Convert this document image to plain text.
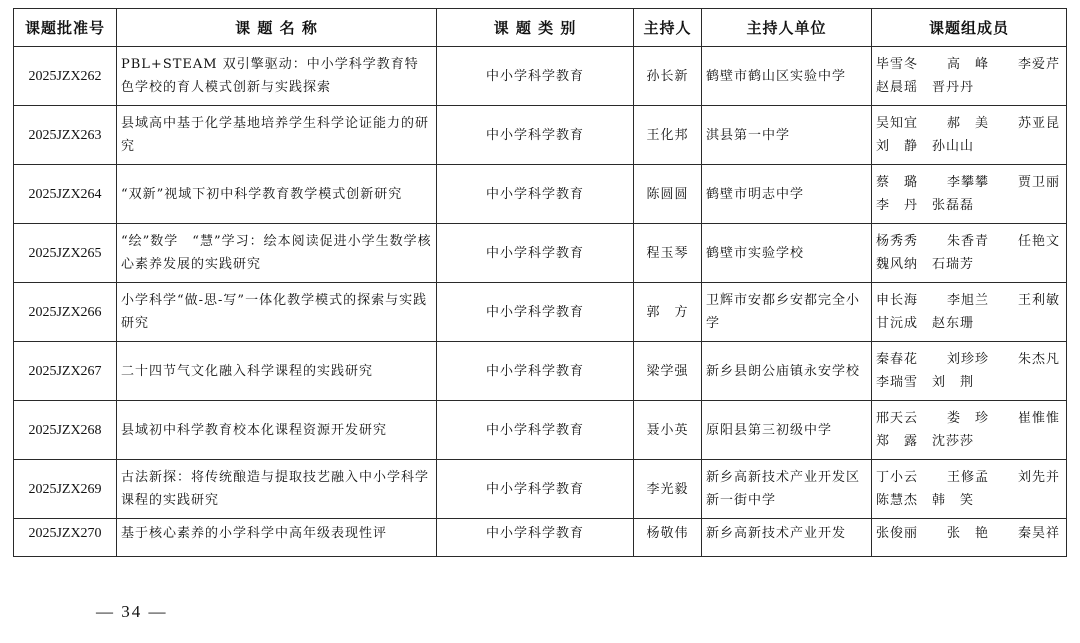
课题批准号	课 题 名 称	课 题 类 别	主持人	主持人单位	课题组成员
2025JZX262	PBL+STEAM 双引擎驱动：中小学科学教育特色学校的育人模式创新与实践探索	中小学科学教育	孙长新	鹤壁市鹤山区实验中学	毕雪冬 高　峰 李爱芹
赵晨瑶 晋丹丹

2025JZX263	县域高中基于化学基地培养学生科学论证能力的研究	中小学科学教育	王化邦	淇县第一中学	吴知宜 郝　美 苏亚昆
刘　静 孙山山

2025JZX264	“双新”视域下初中科学教育教学模式创新研究	中小学科学教育	陈圆圆	鹤壁市明志中学	蔡　璐 李攀攀 贾卫丽
李　丹 张磊磊

2025JZX265	“绘”数学　“慧”学习：绘本阅读促进小学生数学核心素养发展的实践研究	中小学科学教育	程玉琴	鹤壁市实验学校	杨秀秀 朱香青 任艳文
魏风纳 石瑞芳

2025JZX266	小学科学“做-思-写”一体化教学模式的探索与实践研究	中小学科学教育	郭　方	卫辉市安都乡安都完全小学	申长海 李旭兰 王利敏
甘沅成 赵东珊

2025JZX267	二十四节气文化融入科学课程的实践研究	中小学科学教育	梁学强	新乡县朗公庙镇永安学校	秦春花 刘珍珍 朱杰凡
李瑞雪 刘　荆

2025JZX268	县域初中科学教育校本化课程资源开发研究	中小学科学教育	聂小英	原阳县第三初级中学	邢天云 娄　珍 崔惟惟
郑　露 沈莎莎

2025JZX269	古法新探：将传统酿造与提取技艺融入中小学科学课程的实践研究	中小学科学教育	李光毅	新乡高新技术产业开发区新一街中学	丁小云 王修孟 刘先并
陈慧杰 韩　笑

2025JZX270	基于核心素养的小学科学中高年级表现性评	中小学科学教育	杨敬伟	新乡高新技术产业开发	张俊丽 张　艳 秦昊祥
— 34 —
